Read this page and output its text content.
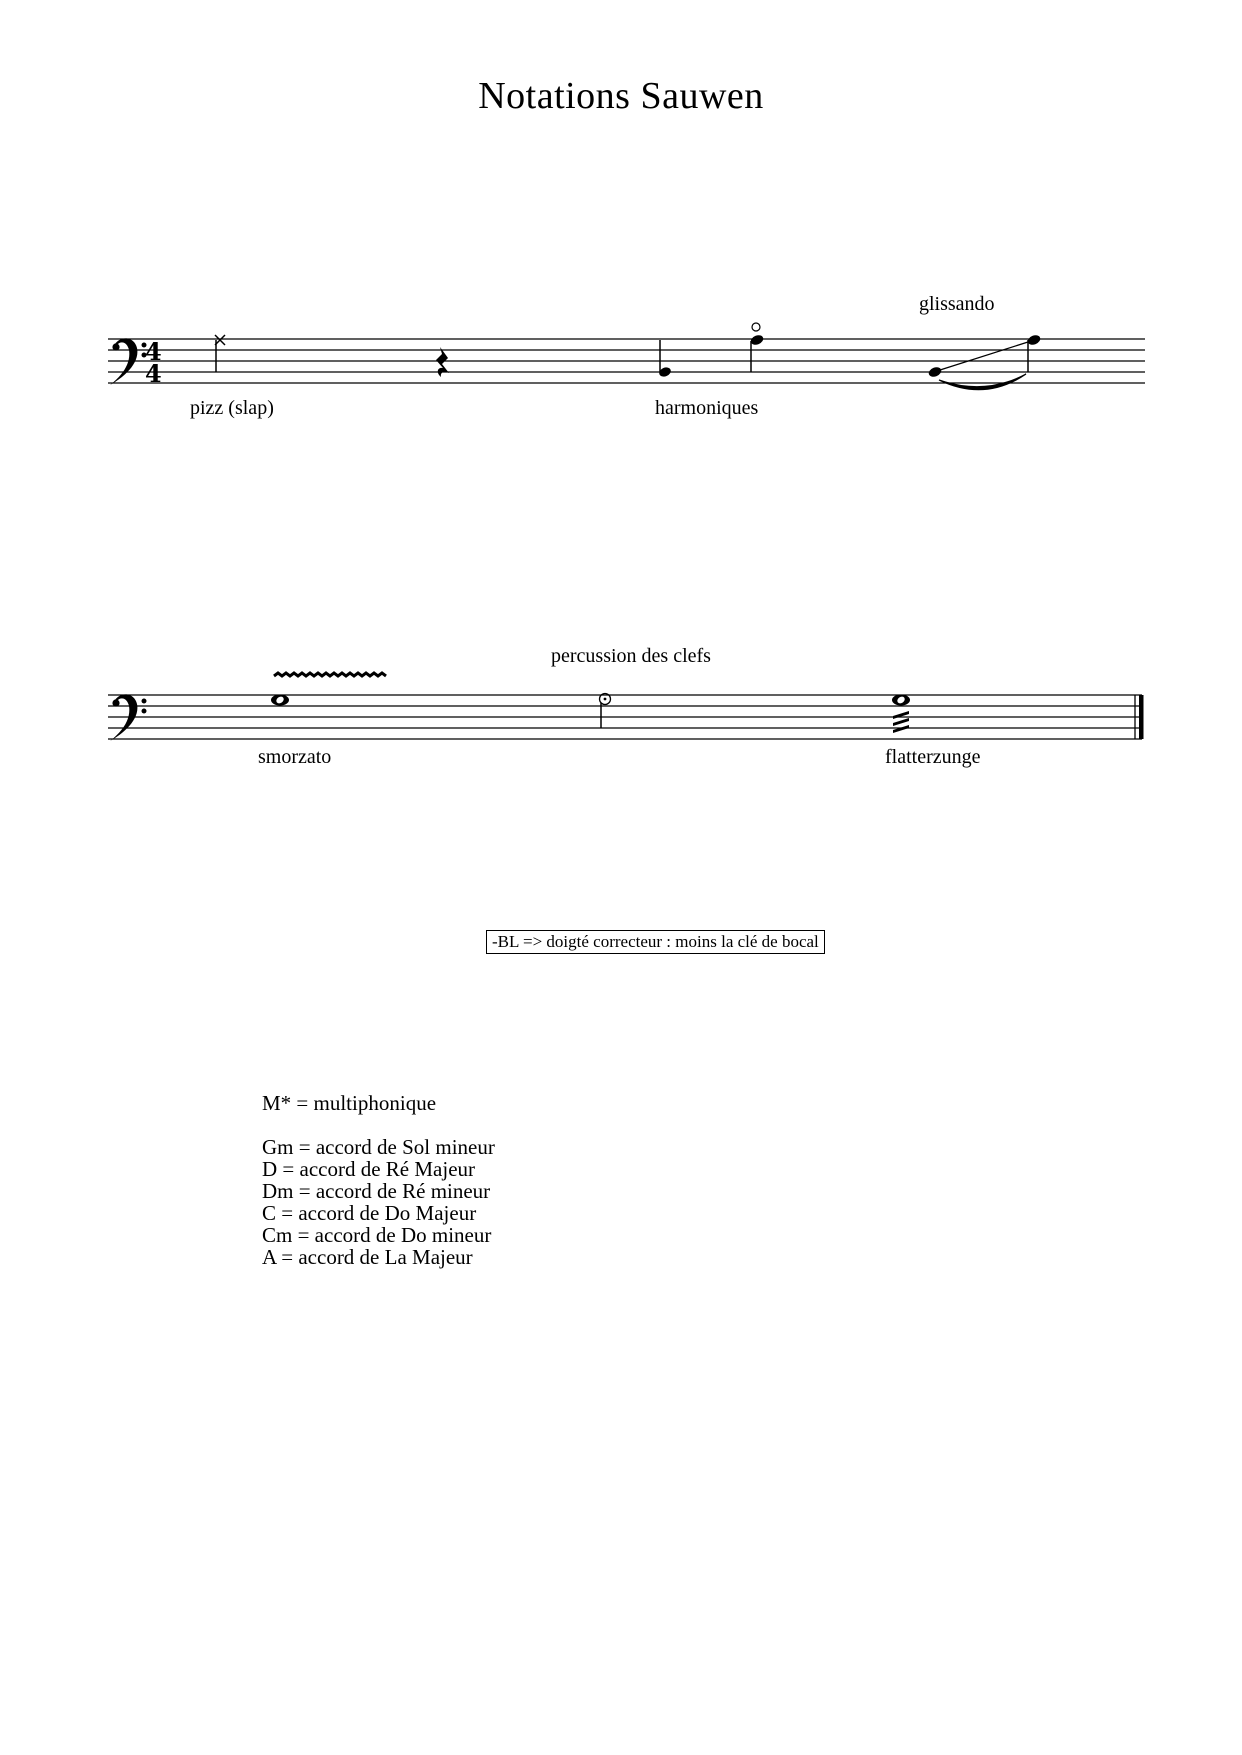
Notations Sauwen
4
4
pizz (slap)	harmoniques
glissando
smorzato
percussion des clefs
flatterzunge
-BL => doigté correcteur : moins la clé de bocal
M* = multiphonique
Gm = accord de Sol mineur
D = accord de Ré Majeur
Dm = accord de Ré mineur
C = accord de Do Majeur
Cm = accord de Do mineur
A = accord de La Majeur
